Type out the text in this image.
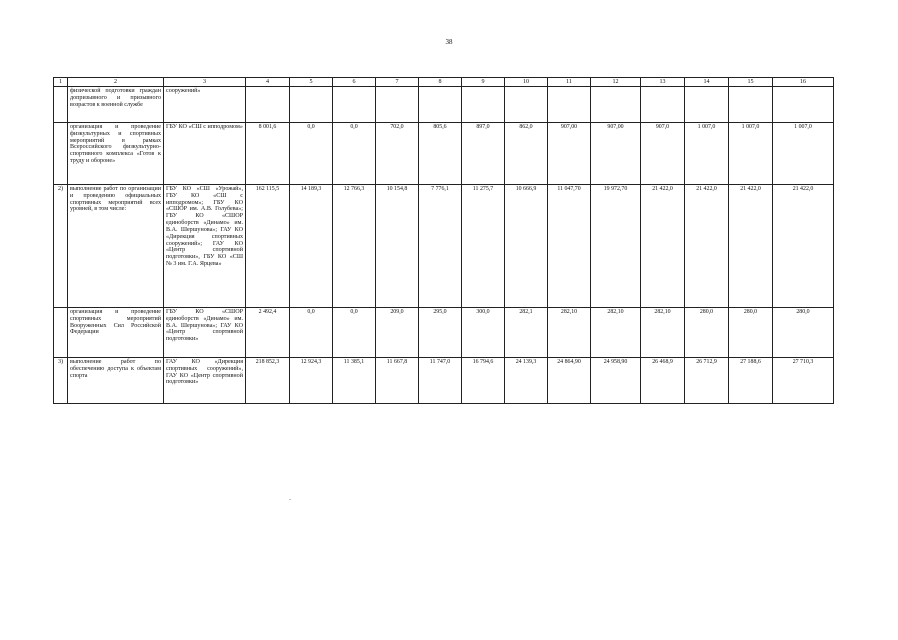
38
1	2	3	4	5	6	7	8	9	10	11	12	13	14	15	16
	физической подготовки граждан допризывного и призывного возрастов к военной службе	сооружений»													
	организация и проведение физкультурных и спортивных мероприятий в рамках Всероссийского физкультурно-спортивного комплекса «Готов к труду и обороне»	ГБУ КО «СШ с ипподромом»	8 001,6	0,0	0,0	702,0	805,6	897,0	862,0	907,00	907,00	907,0	1 007,0	1 007,0	1 007,0
2)	выполнение работ по организации и проведению официальных спортивных мероприятий всех уровней, в том числе:	ГБУ КО «СШ «Урожай», ГБУ КО «СШ с ипподромом»; ГБУ КО «СШОР им. А.В. Голубева»; ГБУ КО «СШОР единоборств «Динамо» им. В.А. Шершунова»; ГАУ КО «Дирекция спортивных сооружений»; ГАУ КО «Центр спортивной подготовки», ГБУ КО «СШ № 3 им. Г.А. Ярцева»	162 115,5	14 189,3	12 766,3	10 154,8	7 776,1	11 275,7	10 666,9	11 047,70	19 972,70	21 422,0	21 422,0	21 422,0	21 422,0
	организация и проведение спортивных мероприятий Вооруженных Сил Российской Федерации	ГБУ КО «СШОР единоборств «Динамо» им. В.А. Шершунова»; ГАУ КО «Центр спортивной подготовки»	2 492,4	0,0	0,0	209,0	295,0	300,0	282,1	282,10	282,10	282,10	280,0	280,0	280,0
3)	выполнение работ по обеспечению доступа к объектам спорта	ГАУ КО «Дирекция спортивных сооружений», ГАУ КО «Центр спортивной подготовки»	218 852,3	12 924,3	11 385,1	11 667,8	11 747,0	16 794,6	24 139,3	24 864,90	24 958,90	26 468,9	26 712,9	27 188,6	27 710,3
